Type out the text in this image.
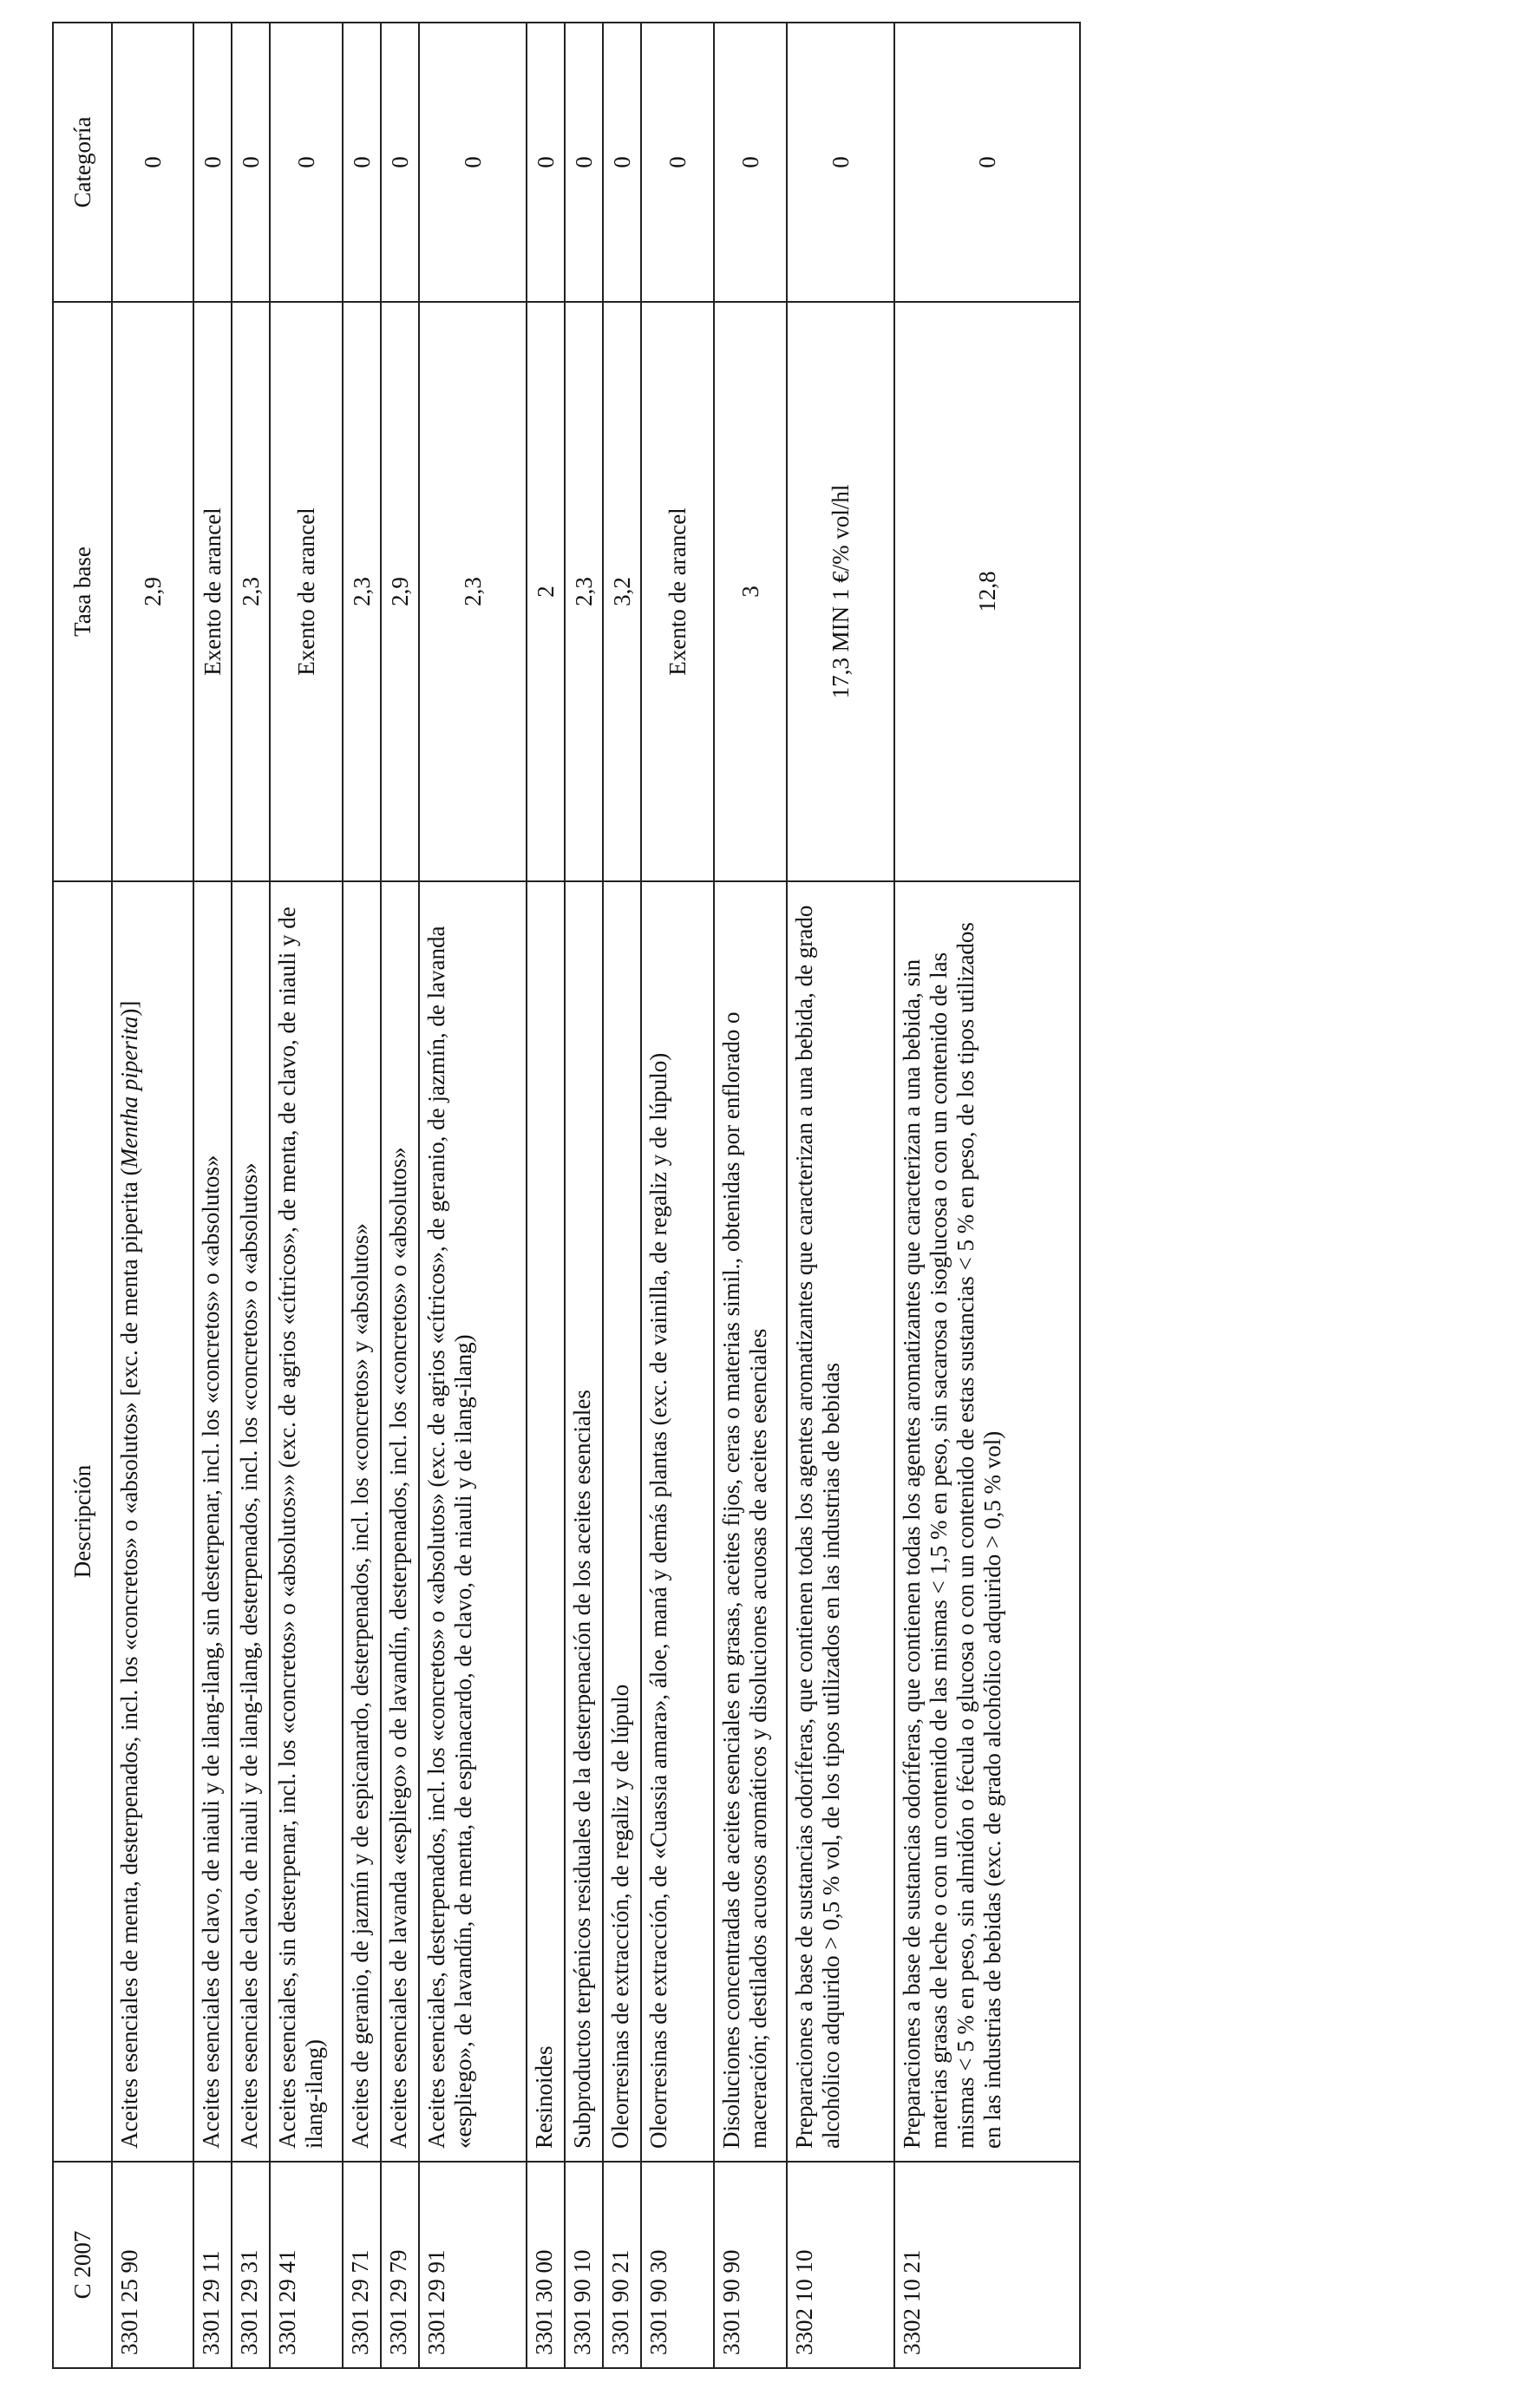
C 2007	Descripción	Tasa base	Categoría
3301 25 90	Aceites esenciales de menta, desterpenados, incl. los «concretos» o «absolutos» [exc. de menta piperita (Mentha piperita)]	2,9	0
3301 29 11	Aceites esenciales de clavo, de niauli y de ilang-ilang, sin desterpenar, incl. los «concretos» o «absolutos»	Exento de arancel	0
3301 29 31	Aceites esenciales de clavo, de niauli y de ilang-ilang, desterpenados, incl. los «concretos» o «absolutos»	2,3	0
3301 29 41	Aceites esenciales, sin desterpenar, incl. los «concretos» o «absolutos»» (exc. de agrios «cítricos», de menta, de clavo, de niauli y de ilang-ilang)	Exento de arancel	0
3301 29 71	Aceites de geranio, de jazmín y de espicanardo, desterpenados, incl. los «concretos» y «absolutos»	2,3	0
3301 29 79	Aceites esenciales de lavanda «espliego» o de lavandín, desterpenados, incl. los «concretos» o «absolutos»	2,9	0
3301 29 91	Aceites esenciales, desterpenados, incl. los «concretos» o «absolutos» (exc. de agrios «cítricos», de geranio, de jazmín, de lavanda «espliego», de lavandín, de menta, de espinacardo, de clavo, de niauli y de ilang-ilang)	2,3	0
3301 30 00	Resinoides	2	0
3301 90 10	Subproductos terpénicos residuales de la desterpenación de los aceites esenciales	2,3	0
3301 90 21	Oleorresinas de extracción, de regaliz y de lúpulo	3,2	0
3301 90 30	Oleorresinas de extracción, de «Cuassia amara», áloe, maná y demás plantas (exc. de vainilla, de regaliz y de lúpulo)	Exento de arancel	0
3301 90 90	Disoluciones concentradas de aceites esenciales en grasas, aceites fijos, ceras o materias simil., obtenidas por enflorado o maceración; destilados acuosos aromáticos y disoluciones acuosas de aceites esenciales	3	0
3302 10 10	Preparaciones a base de sustancias odoríferas, que contienen todas los agentes aromatizantes que caracterizan a una bebida, de grado alcohólico adquirido > 0,5 % vol, de los tipos utilizados en las industrias de bebidas	17,3 MIN 1 €/% vol/hl	0
3302 10 21	Preparaciones a base de sustancias odoríferas, que contienen todas los agentes aromatizantes que caracterizan a una bebida, sin materias grasas de leche o con un contenido de las mismas < 1,5 % en peso, sin sacarosa o isoglucosa o con un contenido de las mismas < 5 % en peso, sin almidón o fécula o glucosa o con un contenido de estas sustancias < 5 % en peso, de los tipos utilizados en las industrias de bebidas (exc. de grado alcohólico adquirido > 0,5 % vol)	12,8	0
